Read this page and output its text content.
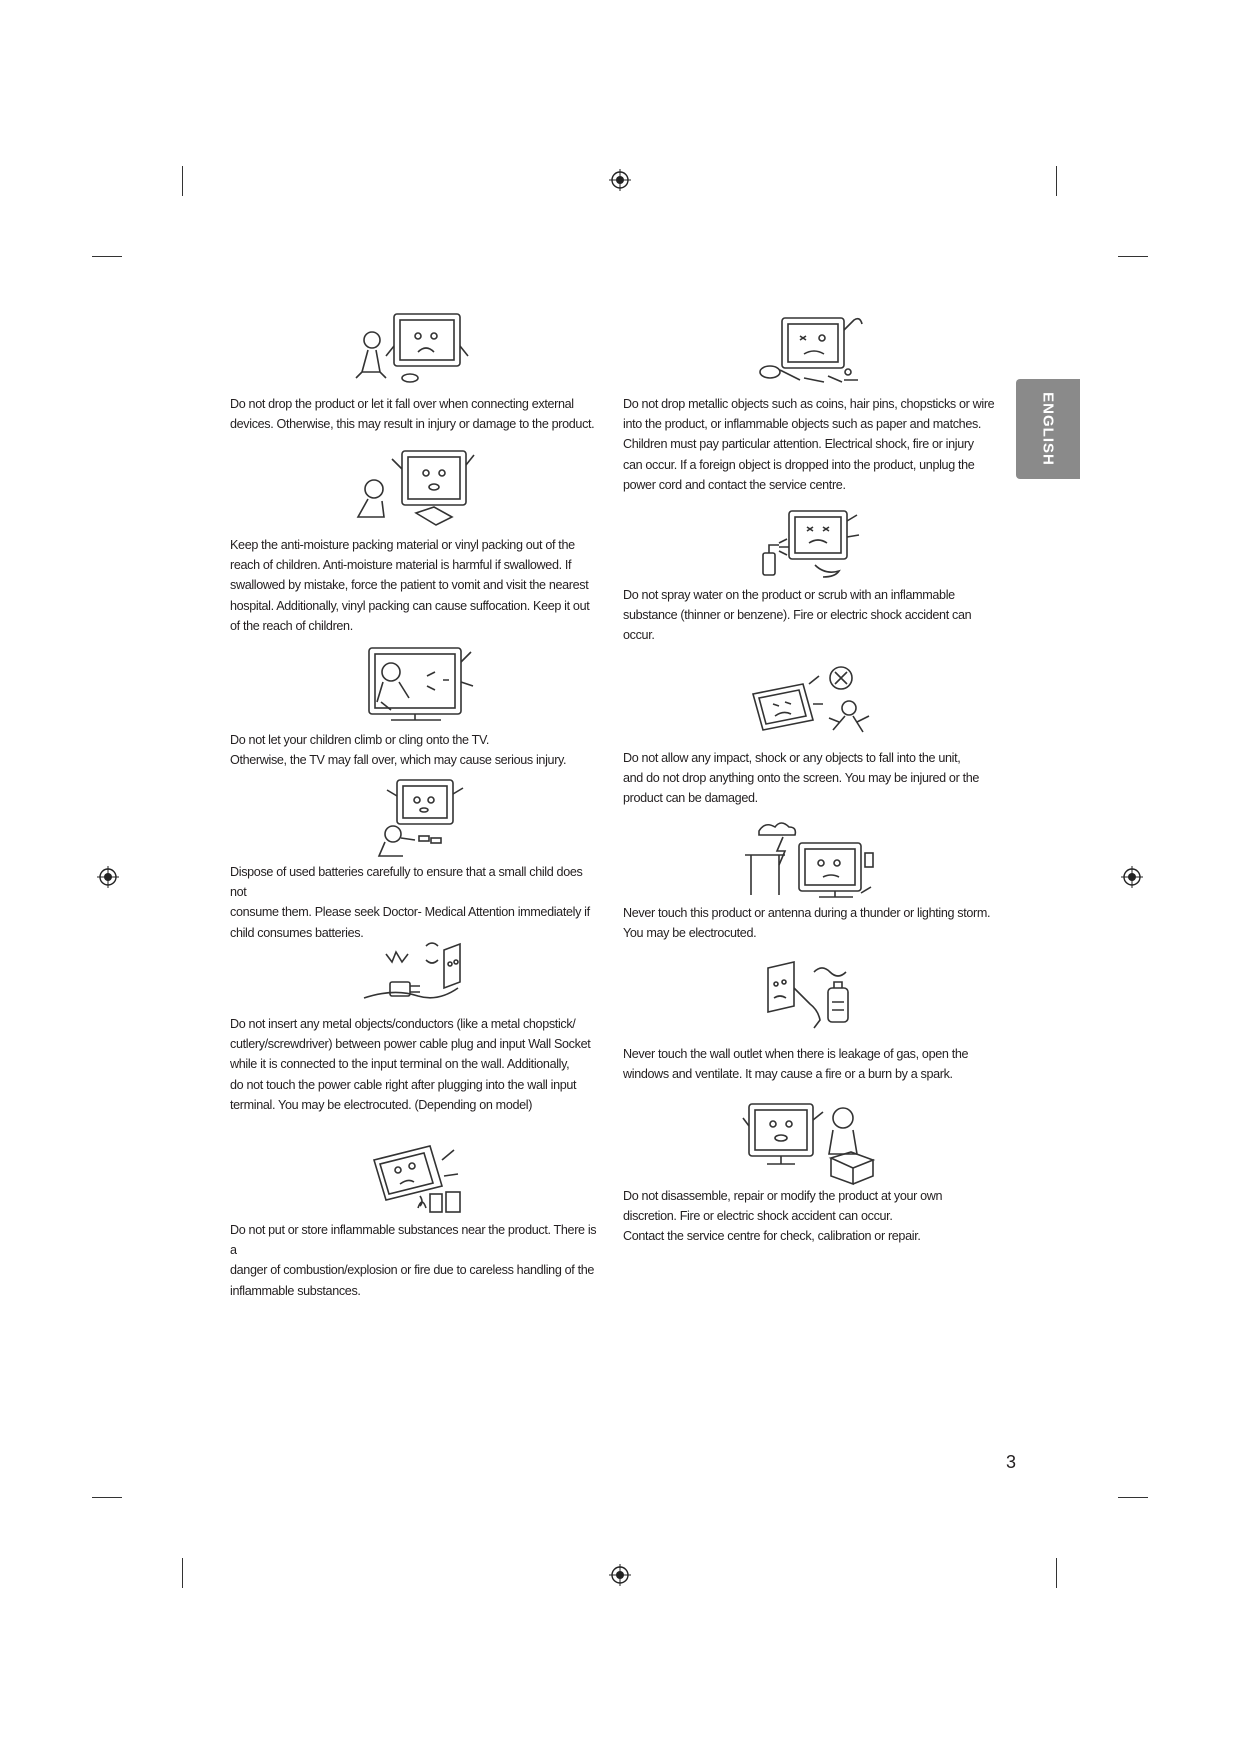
ENGLISH

Do not drop the product or let it fall over when connecting external
devices. Otherwise, this may result in injury or damage to the product.

Keep the anti-moisture packing material or vinyl packing out of the
reach of children. Anti-moisture material is harmful if swallowed. If
swallowed by mistake, force the patient to vomit and visit the nearest
hospital. Additionally, vinyl packing can cause suffocation. Keep it out
of the reach of children.

Do not let your children climb or cling onto the TV.
Otherwise, the TV may fall over, which may cause serious injury.

Dispose of used batteries carefully to ensure that a small child does not
consume them. Please seek Doctor- Medical Attention immediately if
child consumes batteries.

Do not insert any metal objects/conductors (like a metal chopstick/
cutlery/screwdriver) between power cable plug and input Wall Socket
while it is connected to the input terminal on the wall. Additionally,
do not touch the power cable right after plugging into the wall input
terminal. You may be electrocuted. (Depending on model)

Do not put or store inflammable substances near the product. There is a
danger of combustion/explosion or fire due to careless handling of the
inflammable substances.

Do not drop metallic objects such as coins, hair pins, chopsticks or wire
into the product, or inflammable objects such as paper and matches.
Children must pay particular attention. Electrical shock, fire or injury
can occur. If a foreign object is dropped into the product, unplug the
power cord and contact the service centre.

Do not spray water on the product or scrub with an inflammable
substance (thinner or benzene). Fire or electric shock accident can
occur.

Do not allow any impact, shock or any objects to fall into the unit,
and do not drop anything onto the screen. You may be injured or the
product can be damaged.

Never touch this product or antenna during a thunder or lighting storm.
You may be electrocuted.

Never touch the wall outlet when there is leakage of gas, open the
windows and ventilate. It may cause a fire or a burn by a spark.

Do not disassemble, repair or modify the product at your own
discretion. Fire or electric shock accident can occur.
Contact the service centre for check, calibration or repair.

3
